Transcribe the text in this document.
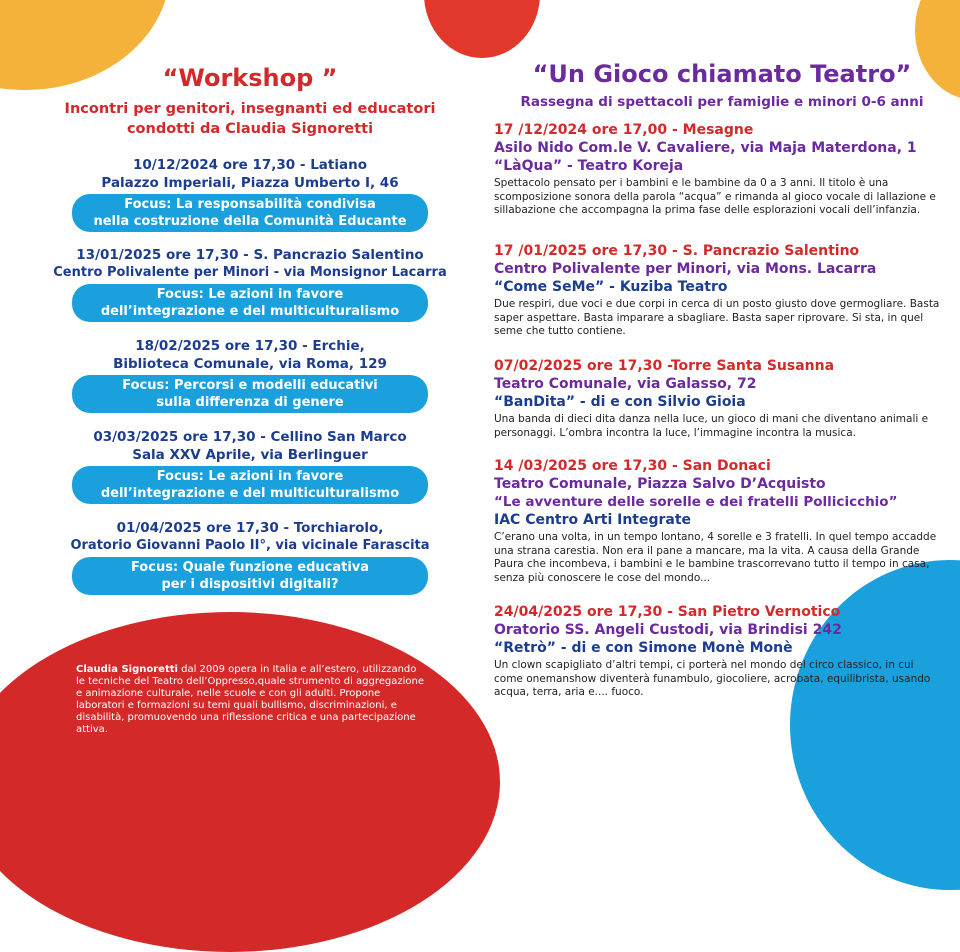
“Workshop ”
Incontri per genitori, insegnanti ed educatori
condotti da Claudia Signoretti
10/12/2024 ore 17,30 - Latiano
Palazzo Imperiali, Piazza Umberto I, 46
Focus: La responsabilità condivisa
nella costruzione della Comunità Educante
13/01/2025 ore 17,30 - S. Pancrazio Salentino
Centro Polivalente per Minori - via Monsignor Lacarra
Focus: Le azioni in favore
dell’integrazione e del multiculturalismo
18/02/2025 ore 17,30 - Erchie,
Biblioteca Comunale, via Roma, 129
Focus: Percorsi e modelli educativi
sulla differenza di genere
03/03/2025 ore 17,30 - Cellino San Marco
Sala XXV Aprile, via Berlinguer
Focus: Le azioni in favore
dell’integrazione e del multiculturalismo
01/04/2025 ore 17,30 - Torchiarolo,
Oratorio Giovanni Paolo II°, via vicinale Farascita
Focus: Quale funzione educativa
per i dispositivi digitali?
Claudia Signoretti dal 2009 opera in Italia e all’estero, utilizzando le tecniche del Teatro dell’Oppresso,quale strumento di aggregazione e animazione culturale, nelle scuole e con gli adulti. Propone laboratori e formazioni su temi quali bullismo, discriminazioni, e disabilità, promuovendo una riflessione critica e una partecipazione attiva.
“Un Gioco chiamato Teatro”
Rassegna di spettacoli per famiglie e minori 0-6 anni
17 /12/2024 ore 17,00 - Mesagne
Asilo Nido Com.le V. Cavaliere, via Maja Materdona, 1
“LàQua” - Teatro Koreja
Spettacolo pensato per i bambini e le bambine da 0 a 3 anni. Il titolo è una scomposizione sonora della parola “acqua” e rimanda al gioco vocale di lallazione e sillabazione che accompagna la prima fase delle esplorazioni vocali dell’infanzia.
17 /01/2025 ore 17,30 - S. Pancrazio Salentino
Centro Polivalente per Minori, via Mons. Lacarra
“Come SeMe” - Kuziba Teatro
Due respiri, due voci e due corpi in cerca di un posto giusto dove germogliare. Basta saper aspettare. Basta imparare a sbagliare. Basta saper riprovare. Si sta, in quel seme che tutto contiene.
07/02/2025 ore 17,30 -Torre Santa Susanna
Teatro Comunale, via Galasso, 72
“BanDita” - di e con Silvio Gioia
Una banda di dieci dita danza nella luce, un gioco di mani che diventano animali e personaggi. L’ombra incontra la luce, l’immagine incontra la musica.
14 /03/2025 ore 17,30 - San Donaci
Teatro Comunale, Piazza Salvo D’Acquisto
“Le avventure delle sorelle e dei fratelli Pollicicchio”
IAC Centro Arti Integrate
C’erano una volta, in un tempo lontano, 4 sorelle e 3 fratelli. In quel tempo accadde una strana carestia. Non era il pane a mancare, ma la vita. A causa della Grande Paura che incombeva, i bambini e le bambine trascorrevano tutto il tempo in casa, senza più conoscere le cose del mondo...
24/04/2025 ore 17,30 - San Pietro Vernotico
Oratorio SS. Angeli Custodi, via Brindisi 242
“Retrò” - di e con Simone Monè Monè
Un clown scapigliato d’altri tempi, ci porterà nel mondo del circo classico, in cui come onemanshow diventerà funambulo, giocoliere, acrobata, equilibrista, usando acqua, terra, aria e.... fuoco.
